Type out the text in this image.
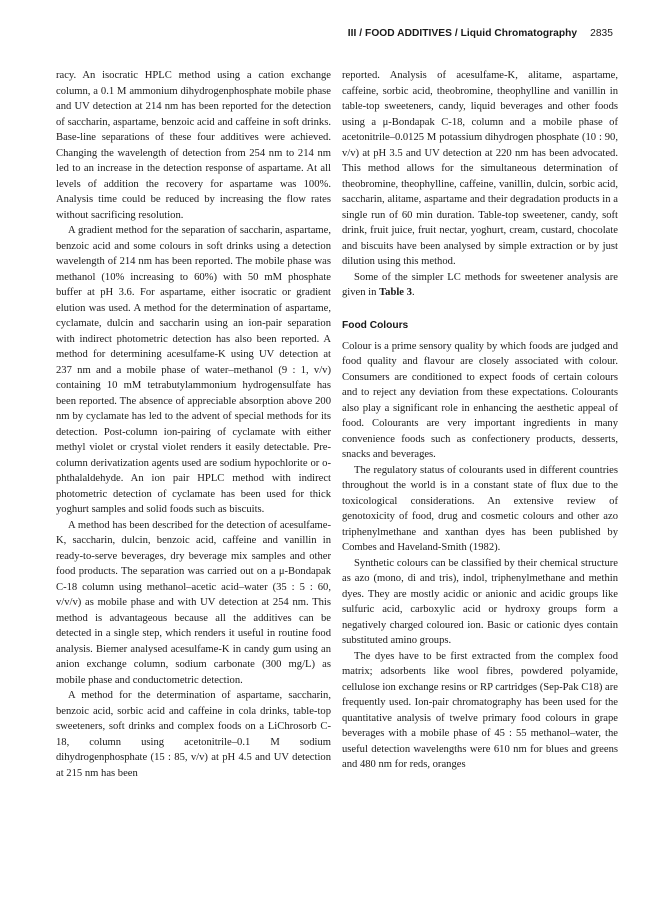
III / FOOD ADDITIVES / Liquid Chromatography 2835

racy. An isocratic HPLC method using a cation exchange column, a 0.1 M ammonium dihydrogenphosphate mobile phase and UV detection at 214 nm has been reported for the detection of saccharin, aspartame, benzoic acid and caffeine in soft drinks. Base-line separations of these four additives were achieved. Changing the wavelength of detection from 254 nm to 214 nm led to an increase in the detection response of aspartame. At all levels of addition the recovery for aspartame was 100%. Analysis time could be reduced by increasing the flow rates without sacrificing resolution.

A gradient method for the separation of saccharin, aspartame, benzoic acid and some colours in soft drinks using a detection wavelength of 214 nm has been reported. The mobile phase was methanol (10% increasing to 60%) with 50 mM phosphate buffer at pH 3.6. For aspartame, either isocratic or gradient elution was used. A method for the determination of aspartame, cyclamate, dulcin and saccharin using an ion-pair separation with indirect photometric detection has also been reported. A method for determining acesulfame-K using UV detection at 237 nm and a mobile phase of water–methanol (9 : 1, v/v) containing 10 mM tetrabutylammonium hydrogensulfate has been reported. The absence of appreciable absorption above 200 nm by cyclamate has led to the advent of special methods for its detection. Post-column ion-pairing of cyclamate with either methyl violet or crystal violet renders it easily detectable. Pre-column derivatization agents used are sodium hypochlorite or o-phthalaldehyde. An ion pair HPLC method with indirect photometric detection of cyclamate has been used for thick yoghurt samples and solid foods such as biscuits.

A method has been described for the detection of acesulfame-K, saccharin, dulcin, benzoic acid, caffeine and vanillin in ready-to-serve beverages, dry beverage mix samples and other food products. The separation was carried out on a μ-Bondapak C-18 column using methanol–acetic acid–water (35 : 5 : 60, v/v/v) as mobile phase and with UV detection at 254 nm. This method is advantageous because all the additives can be detected in a single step, which renders it useful in routine food analysis. Biemer analysed acesulfame-K in candy gum using an anion exchange column, sodium carbonate (300 mg/L) as mobile phase and conductometric detection.

A method for the determination of aspartame, saccharin, benzoic acid, sorbic acid and caffeine in cola drinks, table-top sweeteners, soft drinks and complex foods on a LiChrosorb C-18, column using acetonitrile–0.1 M sodium dihydrogenphosphate (15 : 85, v/v) at pH 4.5 and UV detection at 215 nm has been

reported. Analysis of acesulfame-K, alitame, aspartame, caffeine, sorbic acid, theobromine, theophylline and vanillin in table-top sweeteners, candy, liquid beverages and other foods using a μ-Bondapak C-18, column and a mobile phase of acetonitrile–0.0125 M potassium dihydrogen phosphate (10 : 90, v/v) at pH 3.5 and UV detection at 220 nm has been advocated. This method allows for the simultaneous determination of theobromine, theophylline, caffeine, vanillin, dulcin, sorbic acid, saccharin, alitame, aspartame and their degradation products in a single run of 60 min duration. Table-top sweetener, candy, soft drink, fruit juice, fruit nectar, yoghurt, cream, custard, chocolate and biscuits have been analysed by simple extraction or by just dilution using this method.

Some of the simpler LC methods for sweetener analysis are given in Table 3.

Food Colours

Colour is a prime sensory quality by which foods are judged and food quality and flavour are closely associated with colour. Consumers are conditioned to expect foods of certain colours and to reject any deviation from these expectations. Colourants also play a significant role in enhancing the aesthetic appeal of food. Colourants are very important ingredients in many convenience foods such as confectionery products, desserts, snacks and beverages.

The regulatory status of colourants used in different countries throughout the world is in a constant state of flux due to the toxicological considerations. An extensive review of genotoxicity of food, drug and cosmetic colours and other azo triphenylmethane and xanthan dyes has been published by Combes and Haveland-Smith (1982).

Synthetic colours can be classified by their chemical structure as azo (mono, di and tris), indol, triphenylmethane and methin dyes. They are mostly acidic or anionic and acidic groups like sulfuric acid, carboxylic acid or hydroxy groups form a negatively charged coloured ion. Basic or cationic dyes contain substituted amino groups.

The dyes have to be first extracted from the complex food matrix; adsorbents like wool fibres, powdered polyamide, cellulose ion exchange resins or RP cartridges (Sep-Pak C18) are frequently used. Ion-pair chromatography has been used for the quantitative analysis of twelve primary food colours in grape beverages with a mobile phase of 45 : 55 methanol–water, the useful detection wavelengths were 610 nm for blues and greens and 480 nm for reds, oranges
